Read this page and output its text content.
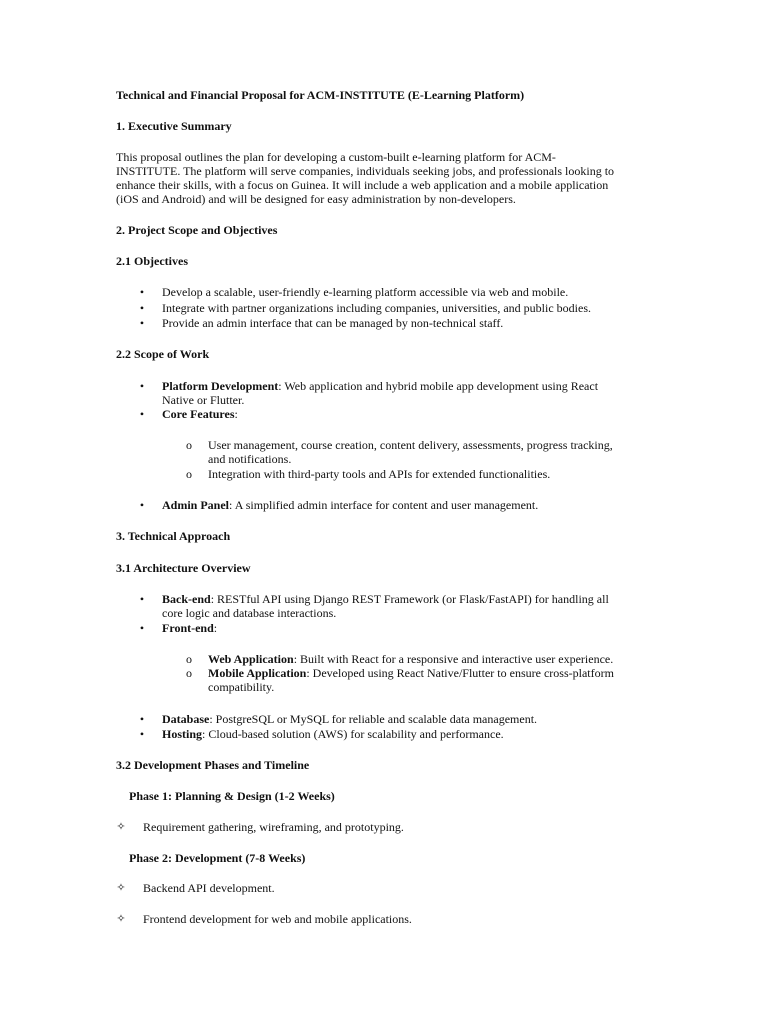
Technical and Financial Proposal for ACM-INSTITUTE (E-Learning Platform)
1. Executive Summary
This proposal outlines the plan for developing a custom-built e-learning platform for ACM-
INSTITUTE. The platform will serve companies, individuals seeking jobs, and professionals looking to
enhance their skills, with a focus on Guinea. It will include a web application and a mobile application
(iOS and Android) and will be designed for easy administration by non-developers.
2. Project Scope and Objectives
2.1 Objectives
•	Develop a scalable, user-friendly e-learning platform accessible via web and mobile.
•	Integrate with partner organizations including companies, universities, and public bodies.
•	Provide an admin interface that can be managed by non-technical staff.
2.2 Scope of Work
•	Platform Development: Web application and hybrid mobile app development using React
Native or Flutter.
•	Core Features:
o User management, course creation, content delivery, assessments, progress tracking,
and notifications.
o Integration with third-party tools and APIs for extended functionalities.
•	Admin Panel: A simplified admin interface for content and user management.
3. Technical Approach
3.1 Architecture Overview
•	Back-end: RESTful API using Django REST Framework (or Flask/FastAPI) for handling all
core logic and database interactions.
•	Front-end:
o Web Application: Built with React for a responsive and interactive user experience.
o Mobile Application: Developed using React Native/Flutter to ensure cross-platform
compatibility.
•	Database: PostgreSQL or MySQL for reliable and scalable data management.
•	Hosting: Cloud-based solution (AWS) for scalability and performance.
3.2 Development Phases and Timeline
Phase 1: Planning & Design (1-2 Weeks)
✧ Requirement gathering, wireframing, and prototyping.
Phase 2: Development (7-8 Weeks)
✧ Backend API development.
✧ Frontend development for web and mobile applications.
